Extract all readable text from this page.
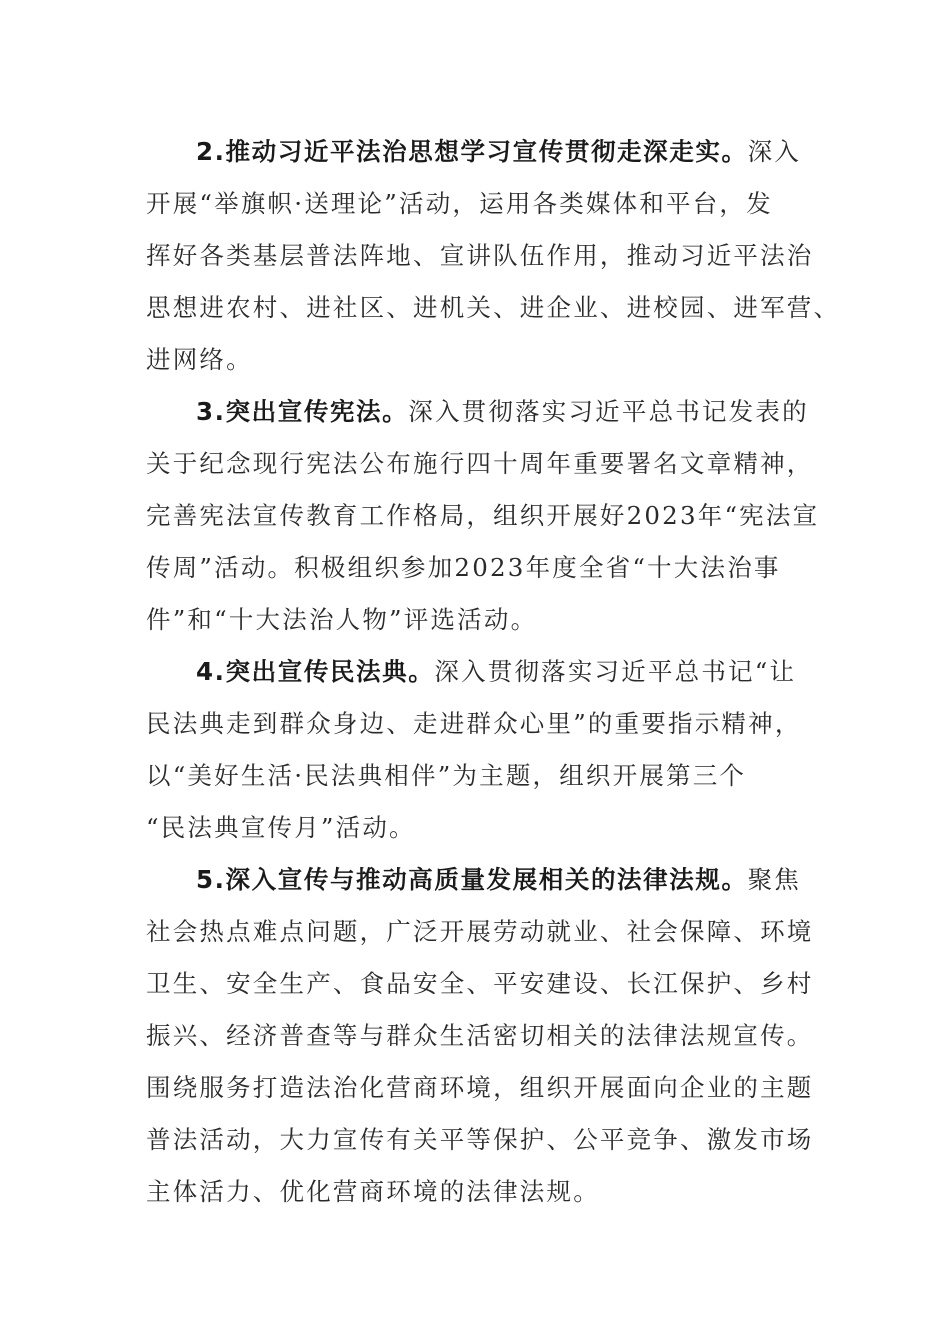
2.推动习近平法治思想学习宣传贯彻走深走实。深入
开展“举旗帜·送理论”活动，运用各类媒体和平台，发
挥好各类基层普法阵地、宣讲队伍作用，推动习近平法治
思想进农村、进社区、进机关、进企业、进校园、进军营、
进网络。
3.突出宣传宪法。深入贯彻落实习近平总书记发表的
关于纪念现行宪法公布施行四十周年重要署名文章精神，
完善宪法宣传教育工作格局，组织开展好2023年“宪法宣
传周”活动。积极组织参加2023年度全省“十大法治事
件”和“十大法治人物”评选活动。
4.突出宣传民法典。深入贯彻落实习近平总书记“让
民法典走到群众身边、走进群众心里”的重要指示精神，
以“美好生活·民法典相伴”为主题，组织开展第三个
“民法典宣传月”活动。
5.深入宣传与推动高质量发展相关的法律法规。聚焦
社会热点难点问题，广泛开展劳动就业、社会保障、环境
卫生、安全生产、食品安全、平安建设、长江保护、乡村
振兴、经济普查等与群众生活密切相关的法律法规宣传。
围绕服务打造法治化营商环境，组织开展面向企业的主题
普法活动，大力宣传有关平等保护、公平竞争、激发市场
主体活力、优化营商环境的法律法规。
